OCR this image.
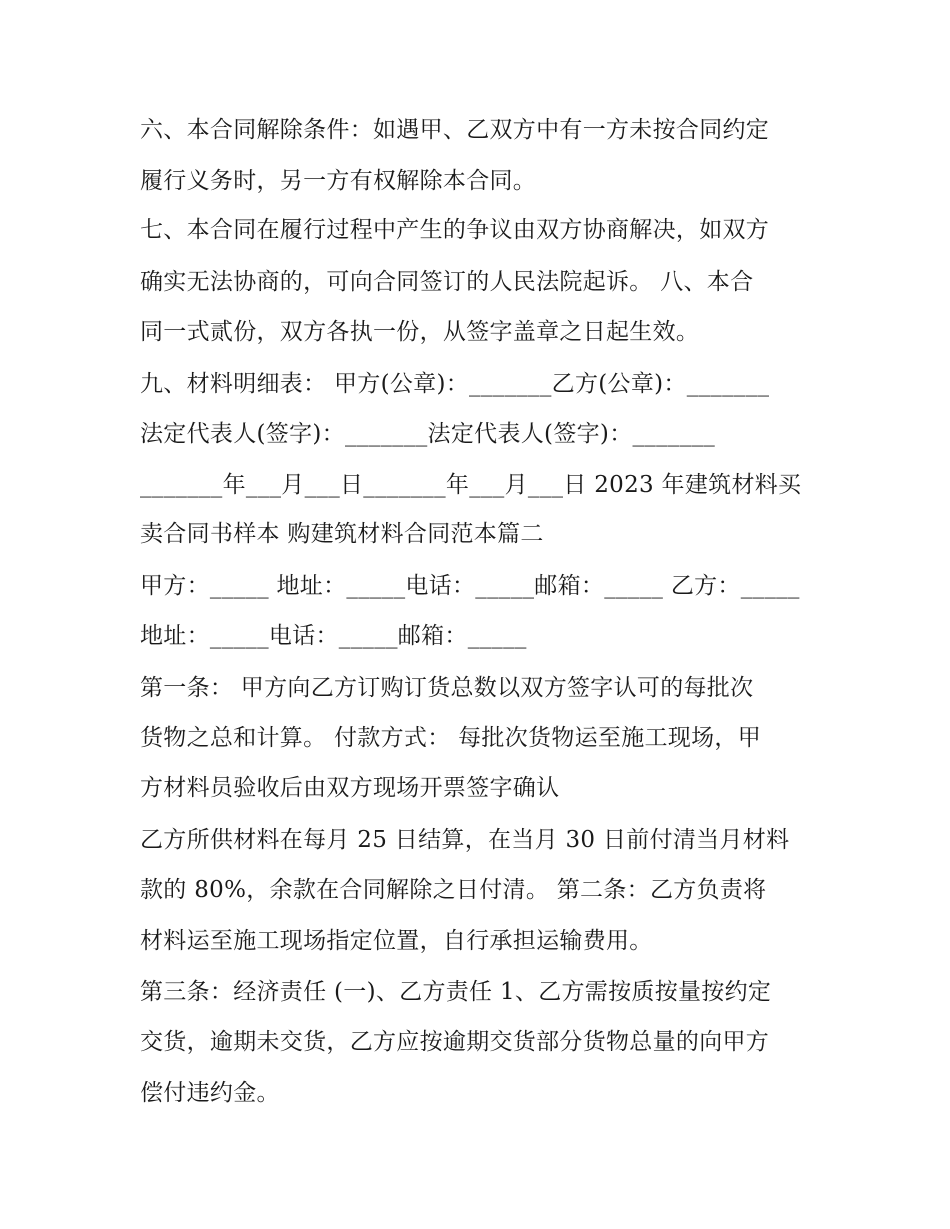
六、本合同解除条件：如遇甲、乙双方中有一方未按合同约定
履行义务时，另一方有权解除本合同。
七、本合同在履行过程中产生的争议由双方协商解决，如双方
确实无法协商的，可向合同签订的人民法院起诉。 八、本合
同一式贰份，双方各执一份，从签字盖章之日起生效。
九、材料明细表： 甲方(公章)：_______乙方(公章)：_______
法定代表人(签字)：_______法定代表人(签字)：_______
_______年___月___日_______年___月___日 2023 年建筑材料买
卖合同书样本 购建筑材料合同范本篇二
甲方：_____ 地址：_____电话：_____邮箱：_____ 乙方：_____
地址：_____电话：_____邮箱：_____
第一条： 甲方向乙方订购订货总数以双方签字认可的每批次
货物之总和计算。 付款方式： 每批次货物运至施工现场，甲
方材料员验收后由双方现场开票签字确认
乙方所供材料在每月 25 日结算，在当月 30 日前付清当月材料
款的 80%，余款在合同解除之日付清。 第二条：乙方负责将
材料运至施工现场指定位置，自行承担运输费用。
第三条：经济责任 (一)、乙方责任 1、乙方需按质按量按约定
交货，逾期未交货，乙方应按逾期交货部分货物总量的向甲方
偿付违约金。
